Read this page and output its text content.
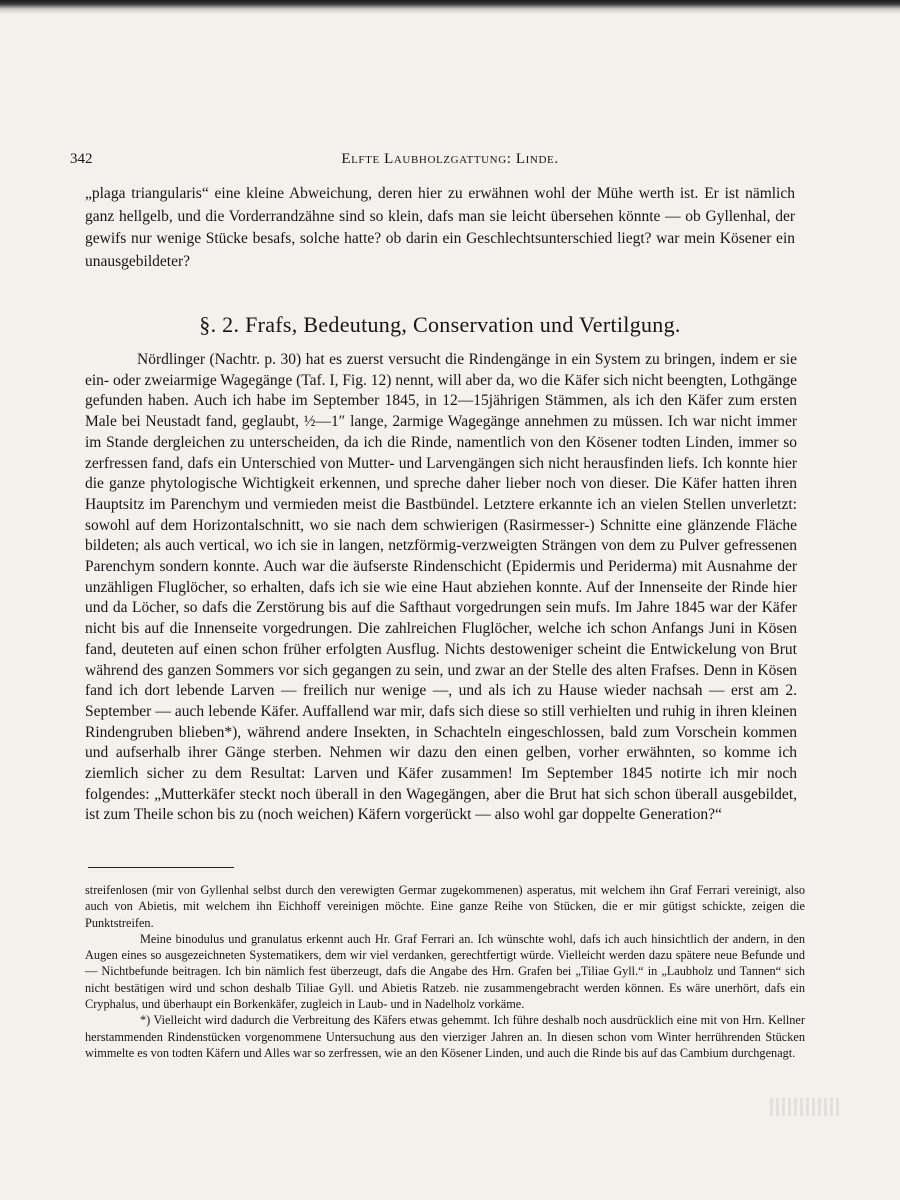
342	Elfte Laubholzgattung: Linde.
„plaga triangularis“ eine kleine Abweichung, deren hier zu erwähnen wohl der Mühe werth ist. Er ist nämlich ganz hellgelb, und die Vorderrandzähne sind so klein, dafs man sie leicht übersehen könnte — ob Gyllenhal, der gewifs nur wenige Stücke besafs, solche hatte? ob darin ein Geschlechtsunterschied liegt? war mein Kösener ein unausgebildeter?
§. 2. Frafs, Bedeutung, Conservation und Vertilgung.
Nördlinger (Nachtr. p. 30) hat es zuerst versucht die Rindengänge in ein System zu bringen, indem er sie ein- oder zweiarmige Wagegänge (Taf. I, Fig. 12) nennt, will aber da, wo die Käfer sich nicht beengten, Lothgänge gefunden haben. Auch ich habe im September 1845, in 12—15jährigen Stämmen, als ich den Käfer zum ersten Male bei Neustadt fand, geglaubt, ½—1″ lange, 2armige Wagegänge annehmen zu müssen. Ich war nicht immer im Stande dergleichen zu unterscheiden, da ich die Rinde, namentlich von den Kösener todten Linden, immer so zerfressen fand, dafs ein Unterschied von Mutter- und Larvengängen sich nicht herausfinden liefs. Ich konnte hier die ganze phytologische Wichtigkeit erkennen, und spreche daher lieber noch von dieser. Die Käfer hatten ihren Hauptsitz im Parenchym und vermieden meist die Bastbündel. Letztere erkannte ich an vielen Stellen unverletzt: sowohl auf dem Horizontalschnitt, wo sie nach dem schwierigen (Rasirmesser-) Schnitte eine glänzende Fläche bildeten; als auch vertical, wo ich sie in langen, netzförmig-verzweigten Strängen von dem zu Pulver gefressenen Parenchym sondern konnte. Auch war die äufserste Rindenschicht (Epidermis und Periderma) mit Ausnahme der unzähligen Fluglöcher, so erhalten, dafs ich sie wie eine Haut abziehen konnte. Auf der Innenseite der Rinde hier und da Löcher, so dafs die Zerstörung bis auf die Safthaut vorgedrungen sein mufs. Im Jahre 1845 war der Käfer nicht bis auf die Innenseite vorgedrungen. Die zahlreichen Fluglöcher, welche ich schon Anfangs Juni in Kösen fand, deuteten auf einen schon früher erfolgten Ausflug. Nichts destoweniger scheint die Entwickelung von Brut während des ganzen Sommers vor sich gegangen zu sein, und zwar an der Stelle des alten Frafses. Denn in Kösen fand ich dort lebende Larven — freilich nur wenige —, und als ich zu Hause wieder nachsah — erst am 2. September — auch lebende Käfer. Auffallend war mir, dafs sich diese so still verhielten und ruhig in ihren kleinen Rindengruben blieben*), während andere Insekten, in Schachteln eingeschlossen, bald zum Vorschein kommen und aufserhalb ihrer Gänge sterben. Nehmen wir dazu den einen gelben, vorher erwähnten, so komme ich ziemlich sicher zu dem Resultat: Larven und Käfer zusammen! Im September 1845 notirte ich mir noch folgendes: „Mutterkäfer steckt noch überall in den Wagegängen, aber die Brut hat sich schon überall ausgebildet, ist zum Theile schon bis zu (noch weichen) Käfern vorgerückt — also wohl gar doppelte Generation?“

streifenlosen (mir von Gyllenhal selbst durch den verewigten Germar zugekommenen) asperatus, mit welchem ihn Graf Ferrari vereinigt, also auch von Abietis, mit welchem ihn Eichhoff vereinigen möchte. Eine ganze Reihe von Stücken, die er mir gütigst schickte, zeigen die Punktstreifen.

Meine binodulus und granulatus erkennt auch Hr. Graf Ferrari an. Ich wünschte wohl, dafs ich auch hinsichtlich der andern, in den Augen eines so ausgezeichneten Systematikers, dem wir viel verdanken, gerechtfertigt würde. Vielleicht werden dazu spätere neue Befunde und — Nichtbefunde beitragen. Ich bin nämlich fest überzeugt, dafs die Angabe des Hrn. Grafen bei „Tiliae Gyll.“ in „Laubholz und Tannen“ sich nicht bestätigen wird und schon deshalb Tiliae Gyll. und Abietis Ratzeb. nie zusammengebracht werden können. Es wäre unerhört, dafs ein Cryphalus, und überhaupt ein Borkenkäfer, zugleich in Laub- und in Nadelholz vorkäme.

*) Vielleicht wird dadurch die Verbreitung des Käfers etwas gehemmt. Ich führe deshalb noch ausdrücklich eine mit von Hrn. Kellner herstammenden Rindenstücken vorgenommene Untersuchung aus den vierziger Jahren an. In diesen schon vom Winter herrührenden Stücken wimmelte es von todten Käfern und Alles war so zerfressen, wie an den Kösener Linden, und auch die Rinde bis auf das Cambium durchgenagt.
